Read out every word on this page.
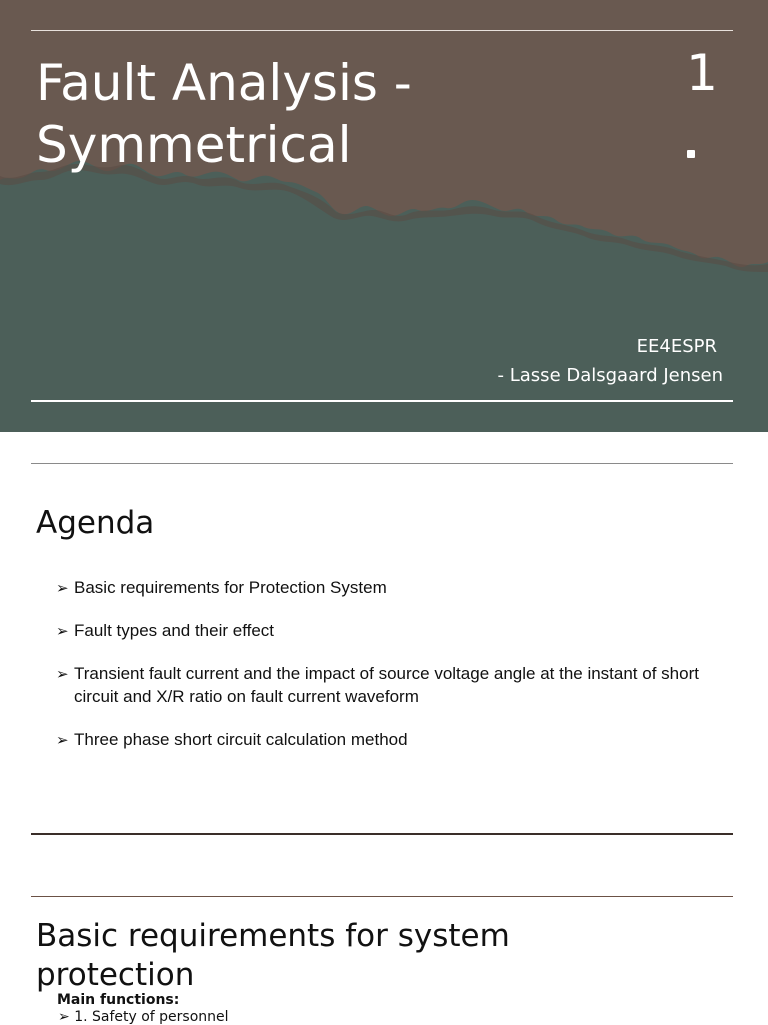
Fault Analysis - Symmetrical
1
EE4ESPR
- Lasse Dalsgaard Jensen
Agenda
➢ Basic requirements for Protection System
➢ Fault types and their effect
➢ Transient fault current and the impact of source voltage angle at the instant of short circuit and X/R ratio on fault current waveform
➢ Three phase short circuit calculation method
Basic requirements for system protection
Main functions:
➢ 1. Safety of personnel
